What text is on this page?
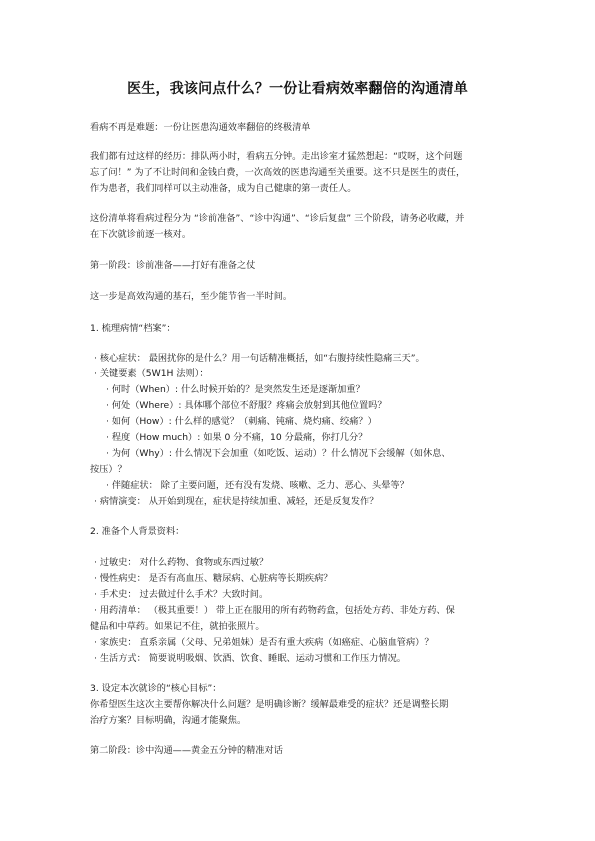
医生，我该问点什么？一份让看病效率翻倍的沟通清单
看病不再是难题：一份让医患沟通效率翻倍的终极清单
我们都有过这样的经历：排队两小时，看病五分钟。走出诊室才猛然想起：“哎呀，这个问题
忘了问！” 为了不让时间和金钱白费，一次高效的医患沟通至关重要。这不只是医生的责任，
作为患者，我们同样可以主动准备，成为自己健康的第一责任人。
这份清单将看病过程分为 “诊前准备”、“诊中沟通”、“诊后复盘” 三个阶段，请务必收藏，并
在下次就诊前逐一核对。
第一阶段：诊前准备——打好有准备之仗
这一步是高效沟通的基石，至少能节省一半时间。
1. 梳理病情“档案”：
· 核心症状： 最困扰你的是什么？用一句话精准概括，如“右腹持续性隐痛三天”。
· 关键要素（5W1H 法则）：
· 何时（When）: 什么时候开始的？是突然发生还是逐渐加重？
· 何处（Where）: 具体哪个部位不舒服？疼痛会放射到其他位置吗？
· 如何（How）: 什么样的感觉？（刺痛、钝痛、烧灼痛、绞痛？）
· 程度（How much）: 如果 0 分不痛，10 分最痛，你打几分？
· 为何（Why）: 什么情况下会加重（如吃饭、运动）？什么情况下会缓解（如休息、
按压）？
· 伴随症状： 除了主要问题，还有没有发烧、咳嗽、乏力、恶心、头晕等？
· 病情演变： 从开始到现在，症状是持续加重、减轻，还是反复发作？
2. 准备个人背景资料：
· 过敏史： 对什么药物、食物或东西过敏？
· 慢性病史： 是否有高血压、糖尿病、心脏病等长期疾病？
· 手术史： 过去做过什么手术？大致时间。
· 用药清单： （极其重要！） 带上正在服用的所有药物药盒，包括处方药、非处方药、保
健品和中草药。如果记不住，就拍张照片。
· 家族史： 直系亲属（父母、兄弟姐妹）是否有重大疾病（如癌症、心脑血管病）？
· 生活方式： 简要说明吸烟、饮酒、饮食、睡眠、运动习惯和工作压力情况。
3. 设定本次就诊的“核心目标”：
你希望医生这次主要帮你解决什么问题？是明确诊断？缓解最难受的症状？还是调整长期
治疗方案？目标明确，沟通才能聚焦。
第二阶段：诊中沟通——黄金五分钟的精准对话
